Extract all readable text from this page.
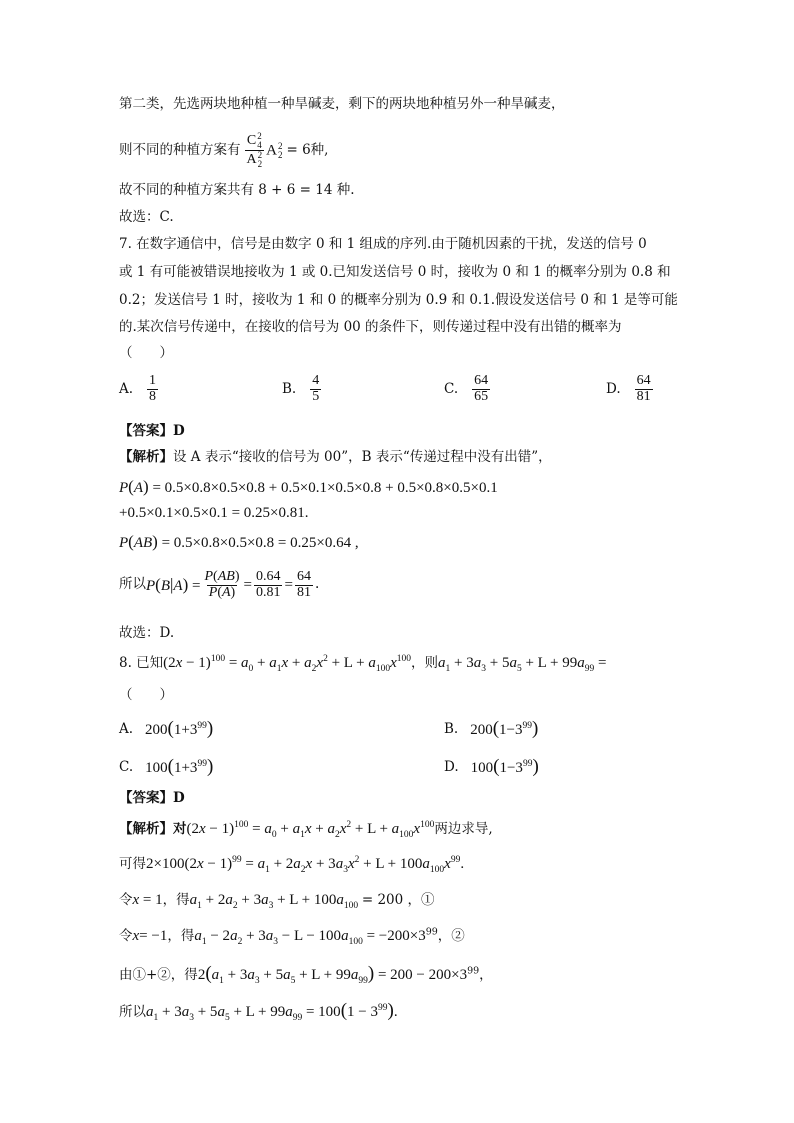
第二类，先选两块地种植一种旱碱麦，剩下的两块地种植另外一种旱碱麦，
则不同的种植方案有 C 2
4
A 2
2 A 2
2 = 6种,
故不同的种植方案共有 8 + 6 = 14 种.
故选：C.
7. 在数字通信中，信号是由数字 0 和 1 组成的序列.由于随机因素的干扰，发送的信号 0
或 1 有可能被错误地接收为 1 或 0.已知发送信号 0 时，接收为 0 和 1 的概率分别为 0.8 和
0.2；发送信号 1 时，接收为 1 和 0 的概率分别为 0.9 和 0.1.假设发送信号 0 和 1 是等可能
的.某次信号传递中，在接收的信号为 00 的条件下，则传递过程中没有出错的概率为
（　　）
A. $\frac{1}{8}$	B. $\frac{4}{5}$	C. $\frac{64}{65}$	D. $\frac{64}{81}$
【答案】D
【解析】设 A 表示“接收的信号为 00”，B 表示“传递过程中没有出错”，
P(A) = 0.5×0.8×0.5×0.8 + 0.5×0.1×0.5×0.8 + 0.5×0.8×0.5×0.1
+0.5×0.1×0.5×0.1 = 0.25×0.81.
P(AB) = 0.5×0.8×0.5×0.8 = 0.25×0.64 ,
所以 $P(B|A) = \frac{P(AB)}{P(A)} = \frac{0.64}{0.81} = \frac{64}{81}$ .
故选：D.
8. 已知$(2x - 1)^{100} = a_0 + a_1x + a_2x^2 + L + a_{100}x^{100}$，则$a_1 + 3a_3 + 5a_5 + L + 99a_{99}$ =
（　　）
A. $200(1+3^{99})$	B. $200(1-3^{99})$
C. $100(1+3^{99})$	D. $100(1-3^{99})$
【答案】D
【解析】对$(2x - 1)^{100} = a_0 + a_1x + a_2x^2 + L + a_{100}x^{100}$两边求导,
可得$2\times 100(2x - 1)^{99} = a_1 + 2a_2x + 3a_3x^2 + L + 100a_{100}x^{99}$.
令x = 1，得$a_1 + 2a_2 + 3a_3 + L + 100a_{100} = 200$ ，①
令x= −1，得$a_1 - 2a_2 + 3a_3 - L - 100a_{100} = -200\times 3^{99}$，②
由①+②，得$2(a_1 + 3a_3 + 5a_5 + L + 99a_{99}) = 200 - 200\times 3^{99}$，
所以$a_1 + 3a_3 + 5a_5 + L + 99a_{99} = 100(1 - 3^{99})$.
